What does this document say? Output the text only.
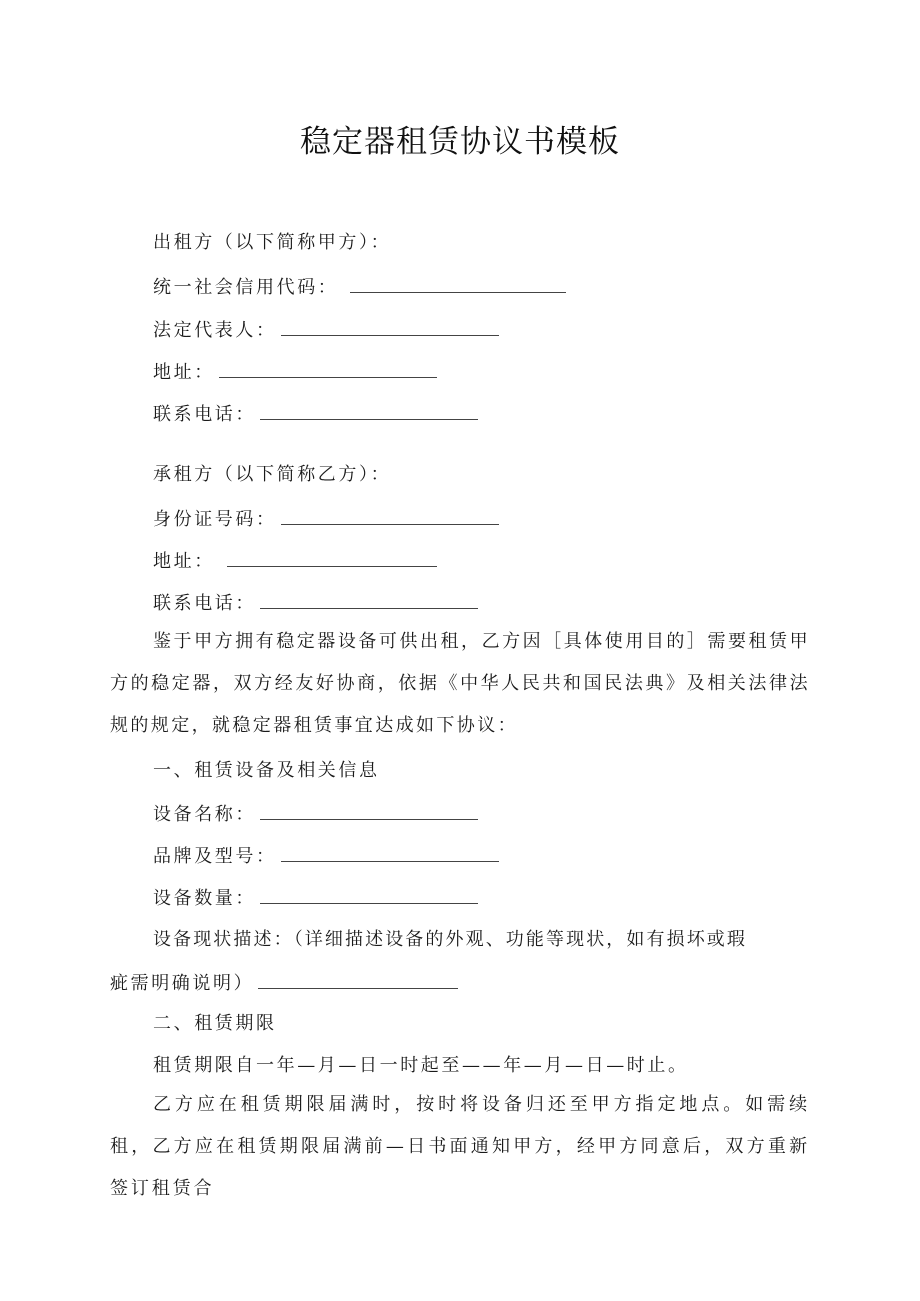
稳定器租赁协议书模板
出租方（以下简称甲方）：
统一社会信用代码：
法定代表人：
地址：
联系电话：
承租方（以下简称乙方）：
身份证号码：
地址：
联系电话：

鉴于甲方拥有稳定器设备可供出租，乙方因［具体使用目的］需要租赁甲方的稳定器，双方经友好协商，依据《中华人民共和国民法典》及相关法律法规的规定，就稳定器租赁事宜达成如下协议：

一、租赁设备及相关信息
设备名称：
品牌及型号：
设备数量：
设备现状描述：（详细描述设备的外观、功能等现状，如有损坏或瑕
疵需明确说明）
二、租赁期限
租赁期限自一年—月—日一时起至——年—月—日—时止。

乙方应在租赁期限届满时，按时将设备归还至甲方指定地点。如需续租，乙方应在租赁期限届满前—日书面通知甲方，经甲方同意后，双方重新签订租赁合
